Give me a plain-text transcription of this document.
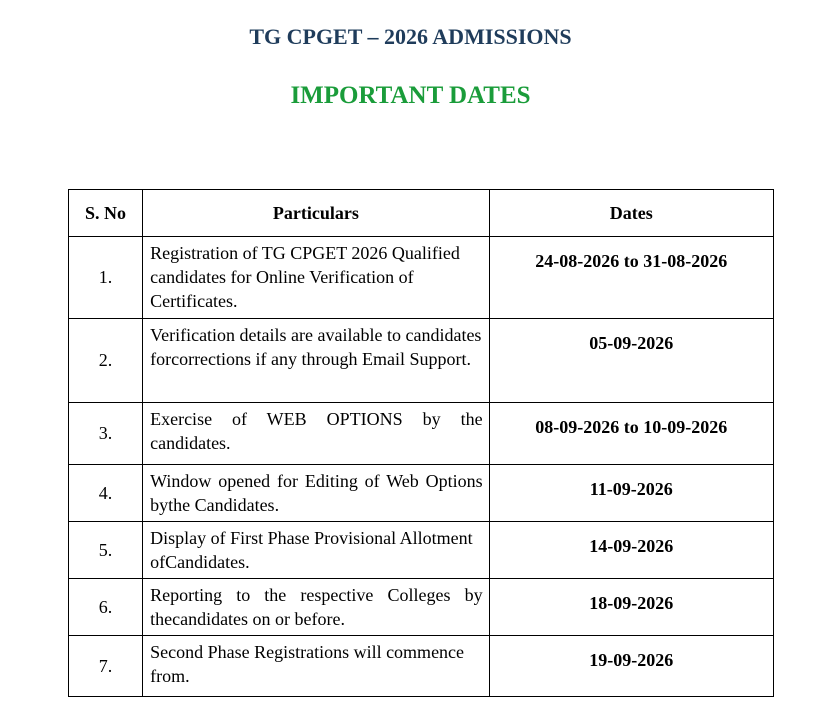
TG CPGET – 2026 ADMISSIONS
IMPORTANT DATES
S. No	Particulars	Dates
1.	Registration of TG CPGET 2026 Qualified candidates for Online Verification of Certificates.	24-08-2026 to 31-08-2026
2.	Verification details are available to candidates forcorrections if any through Email Support.	05-09-2026
3.	Exercise of WEB OPTIONS by the candidates.	08-09-2026 to 10-09-2026
4.	Window opened for Editing of Web Options bythe Candidates.	11-09-2026
5.	Display of First Phase Provisional Allotment ofCandidates.	14-09-2026
6.	Reporting to the respective Colleges by thecandidates on or before.	18-09-2026
7.	Second Phase Registrations will commence from.	19-09-2026
